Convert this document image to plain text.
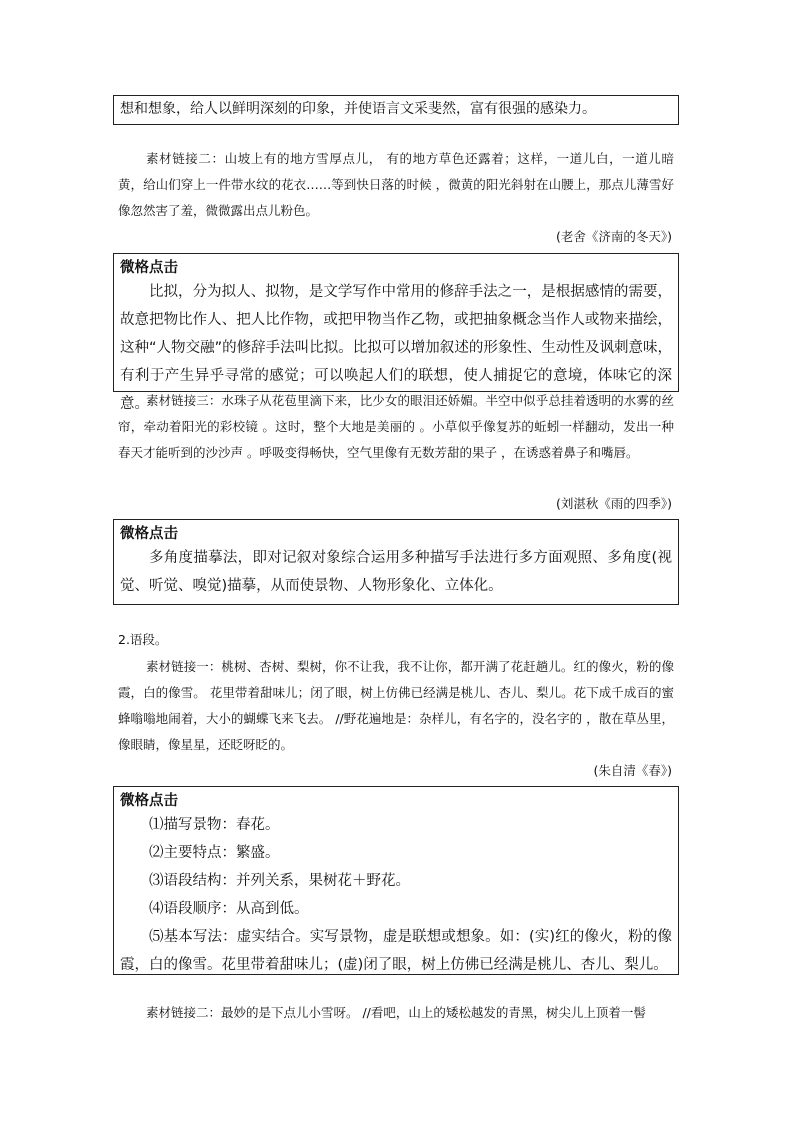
想和想象，给人以鲜明深刻的印象，并使语言文采斐然，富有很强的感染力。

素材链接二：山坡上有的地方雪厚点儿， 有的地方草色还露着；这样，一道儿白，一道儿暗黄，给山们穿上一件带水纹的花衣……等到快日落的时候 ，微黄的阳光斜射在山腰上，那点儿薄雪好像忽然害了羞，微微露出点儿粉色。
(老舍《济南的冬天》)
微格点击

比拟，分为拟人、拟物，是文学写作中常用的修辞手法之一，是根据感情的需要，故意把物比作人、把人比作物，或把甲物当作乙物，或把抽象概念当作人或物来描绘，这种“人物交融”的修辞手法叫比拟。比拟可以增加叙述的形象性、生动性及讽刺意味，有利于产生异乎寻常的感觉；可以唤起人们的联想，使人捕捉它的意境，体味它的深意。

素材链接三：水珠子从花苞里滴下来，比少女的眼泪还娇媚。半空中似乎总挂着透明的水雾的丝帘，牵动着阳光的彩校镜 。这时，整个大地是美丽的 。小草似乎像复苏的蚯蚓一样翻动，发出一种春天才能听到的沙沙声 。呼吸变得畅快，空气里像有无数芳甜的果子 ，在诱惑着鼻子和嘴唇。
(刘湛秋《雨的四季》)
微格点击

多角度描摹法，即对记叙对象综合运用多种描写手法进行多方面观照、多角度(视觉、听觉、嗅觉)描摹，从而使景物、人物形象化、立体化。

2.语段。
素材链接一：桃树、杏树、梨树，你不让我，我不让你，都开满了花赶趟儿。红的像火，粉的像霞，白的像雪。 花里带着甜味儿；闭了眼，树上仿佛已经满是桃儿、杏儿、梨儿。花下成千成百的蜜蜂嗡嗡地闹着，大小的蝴蝶飞来飞去。 //野花遍地是：杂样儿，有名字的，没名字的 ，散在草丛里，像眼睛，像星星，还眨呀眨的。
(朱自清《春》)
微格点击
⑴描写景物：春花。
⑵主要特点：繁盛。
⑶语段结构：并列关系，果树花＋野花。
⑷语段顺序：从高到低。

⑸基本写法：虚实结合。实写景物，虚是联想或想象。如：(实)红的像火，粉的像霞，白的像雪。花里带着甜味儿；(虚)闭了眼，树上仿佛已经满是桃儿、杏儿、梨儿。

素材链接二：最妙的是下点儿小雪呀。 //看吧，山上的矮松越发的青黑，树尖儿上顶着一髻
